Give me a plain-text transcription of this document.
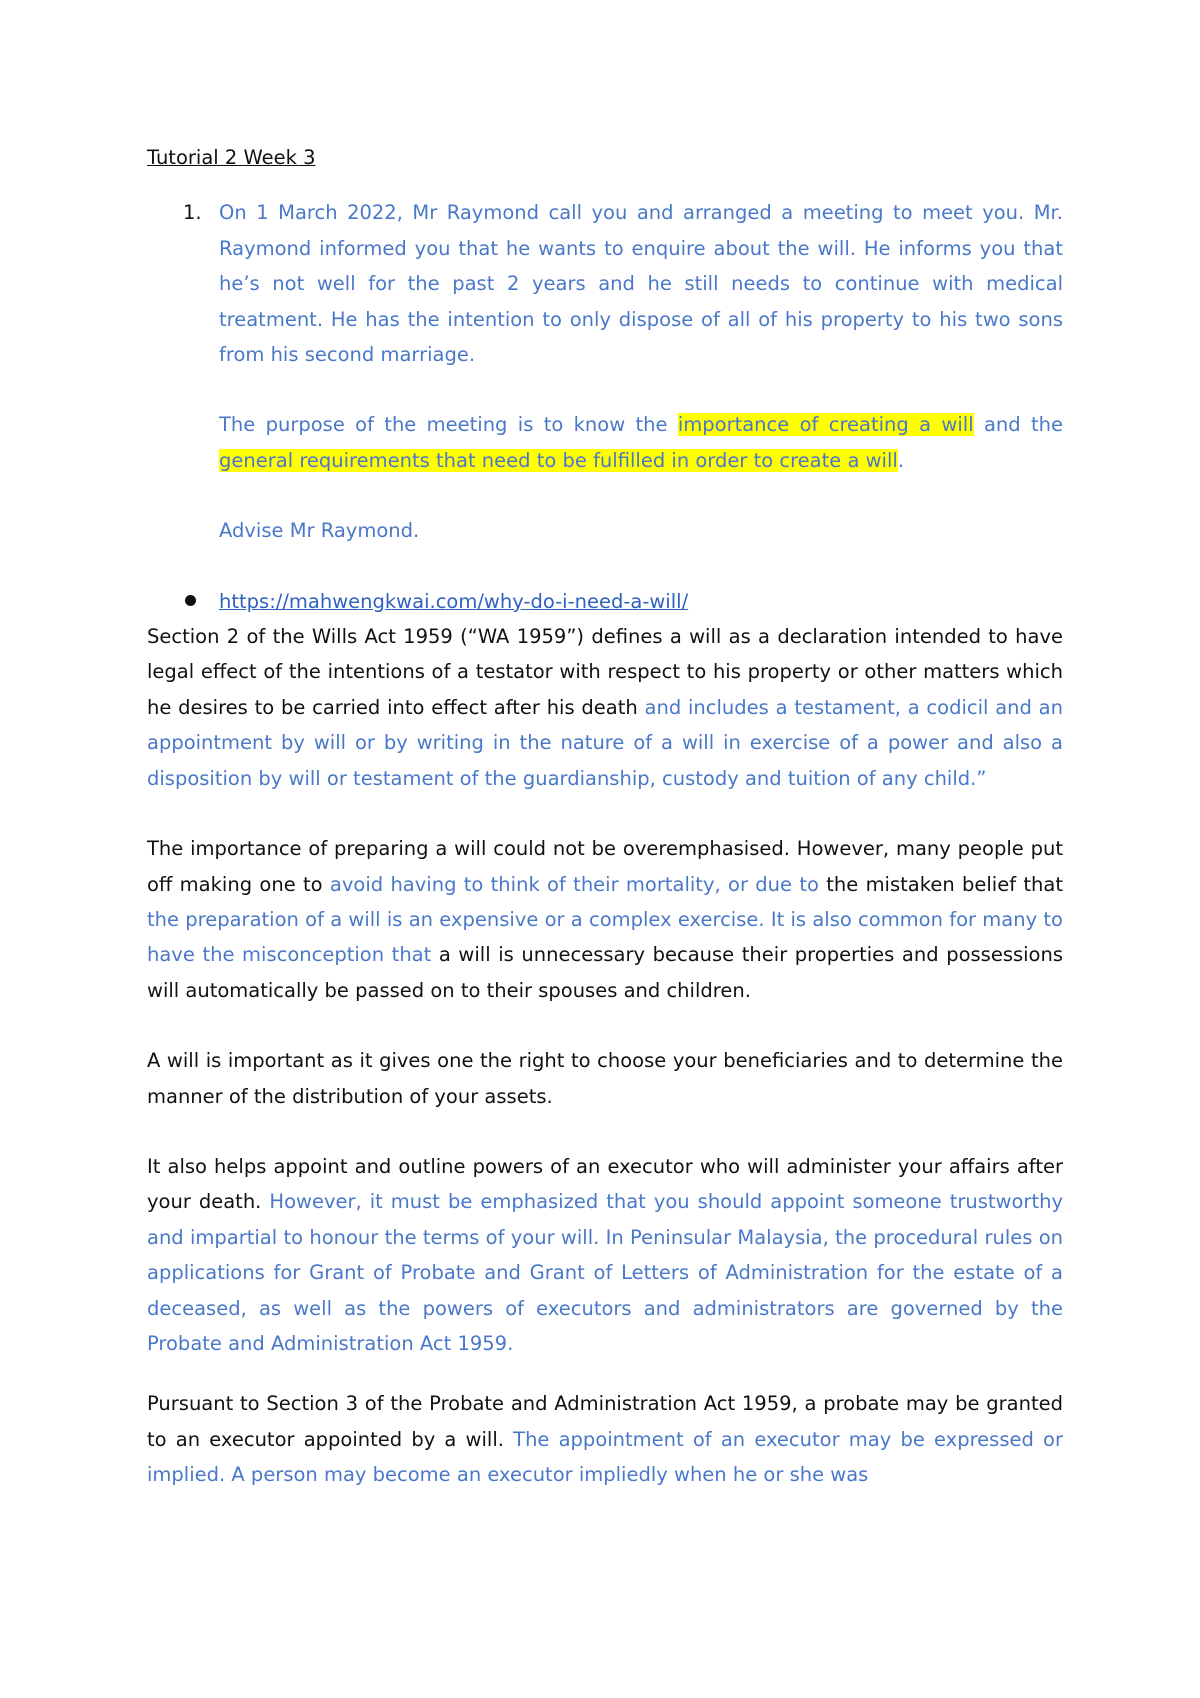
Tutorial 2 Week 3

1. On 1 March 2022, Mr Raymond call you and arranged a meeting to meet you. Mr. Raymond informed you that he wants to enquire about the will. He informs you that he’s not well for the past 2 years and he still needs to continue with medical treatment. He has the intention to only dispose of all of his property to his two sons from his second marriage.

The purpose of the meeting is to know the importance of creating a will and the general requirements that need to be fulfilled in order to create a will.

Advise Mr Raymond.

https://mahwengkwai.com/why-do-i-need-a-will/

Section 2 of the Wills Act 1959 (“WA 1959”) defines a will as a declaration intended to have legal effect of the intentions of a testator with respect to his property or other matters which he desires to be carried into effect after his death and includes a testament, a codicil and an appointment by will or by writing in the nature of a will in exercise of a power and also a disposition by will or testament of the guardianship, custody and tuition of any child.”

The importance of preparing a will could not be overemphasised. However, many people put off making one to avoid having to think of their mortality, or due to the mistaken belief that the preparation of a will is an expensive or a complex exercise. It is also common for many to have the misconception that a will is unnecessary because their properties and possessions will automatically be passed on to their spouses and children.

A will is important as it gives one the right to choose your beneficiaries and to determine the manner of the distribution of your assets.

It also helps appoint and outline powers of an executor who will administer your affairs after your death. However, it must be emphasized that you should appoint someone trustworthy and impartial to honour the terms of your will. In Peninsular Malaysia, the procedural rules on applications for Grant of Probate and Grant of Letters of Administration for the estate of a deceased, as well as the powers of executors and administrators are governed by the Probate and Administration Act 1959.

Pursuant to Section 3 of the Probate and Administration Act 1959, a probate may be granted to an executor appointed by a will. The appointment of an executor may be expressed or implied. A person may become an executor impliedly when he or she was
